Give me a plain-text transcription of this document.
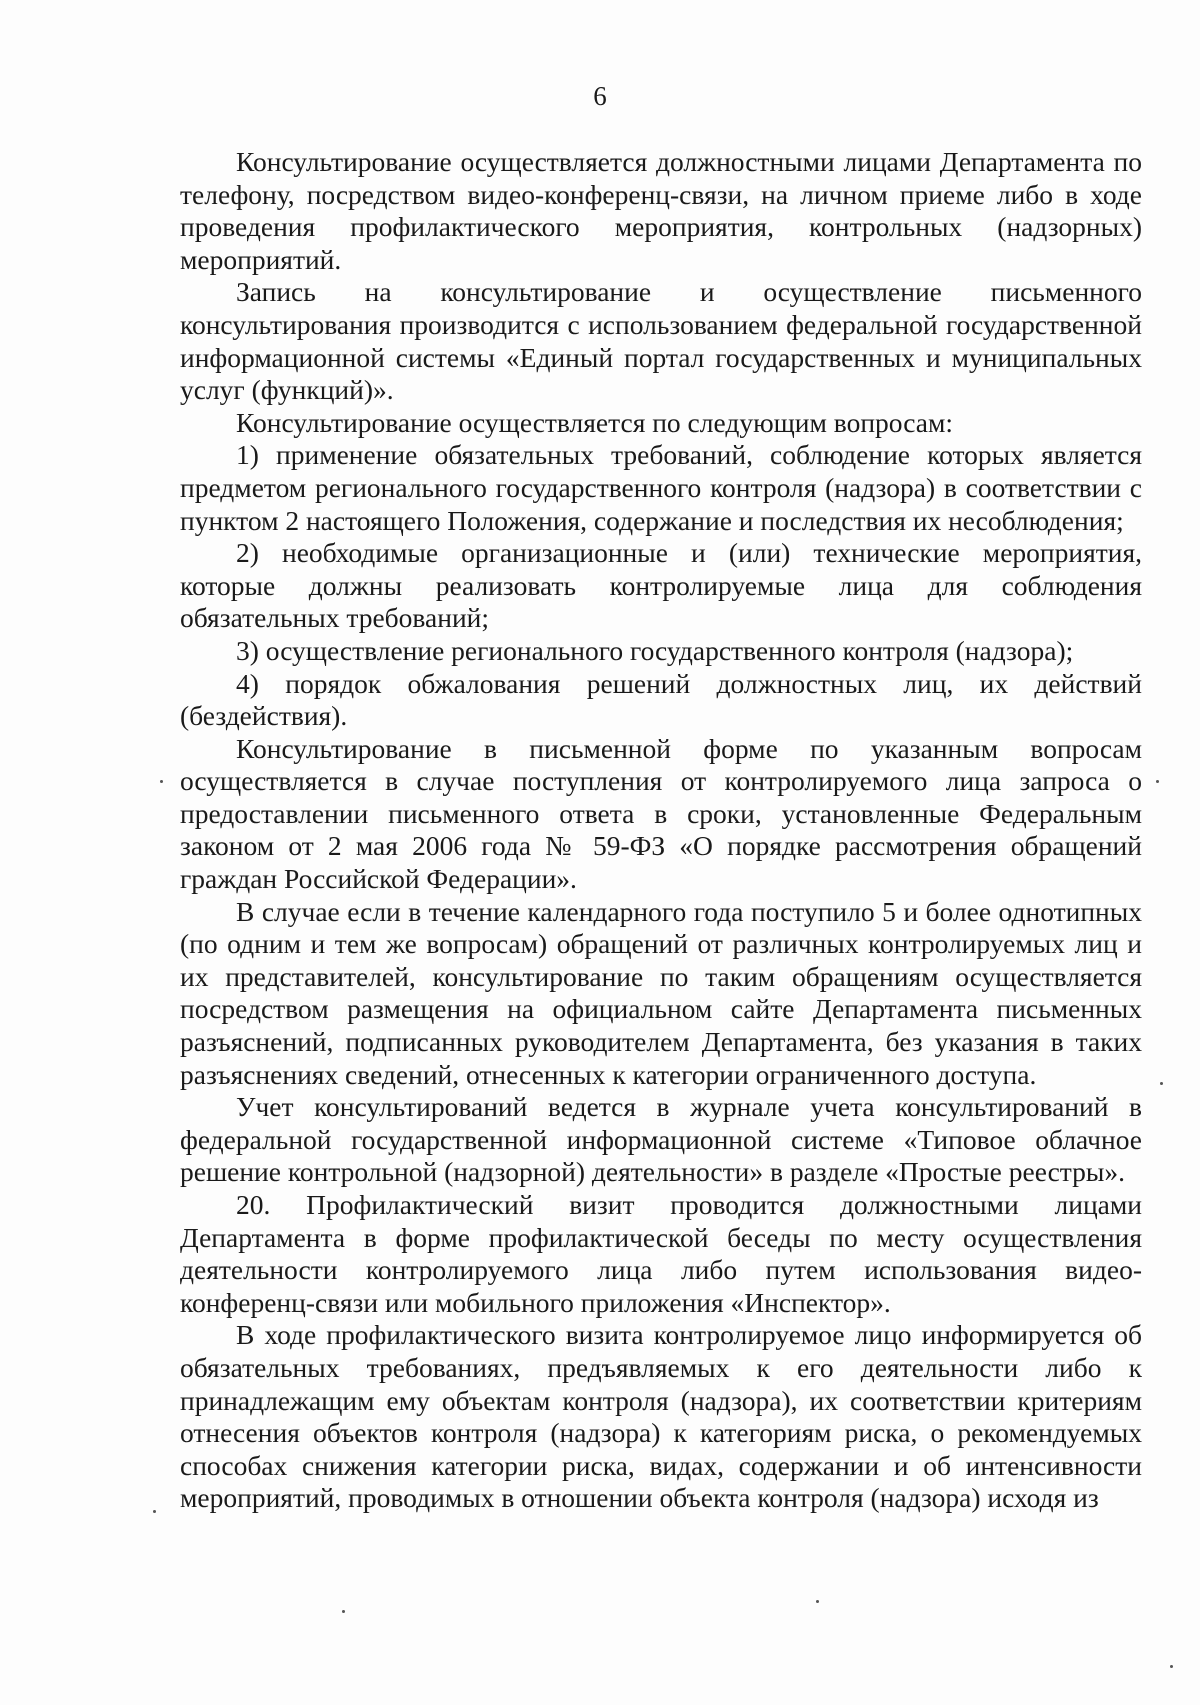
6

Консультирование осуществляется должностными лицами Департамента по телефону, посредством видео-конференц-связи, на личном приеме либо в ходе проведения профилактического мероприятия, контрольных (надзорных) мероприятий.

Запись на консультирование и осуществление письменного консультирования производится с использованием федеральной государственной информационной системы «Единый портал государственных и муниципальных услуг (функций)».

Консультирование осуществляется по следующим вопросам:

1) применение обязательных требований, соблюдение которых является предметом регионального государственного контроля (надзора) в соответствии с пунктом 2 настоящего Положения, содержание и последствия их несоблюдения;

2) необходимые организационные и (или) технические мероприятия, которые должны реализовать контролируемые лица для соблюдения обязательных требований;

3) осуществление регионального государственного контроля (надзора);

4) порядок обжалования решений должностных лиц, их действий (бездействия).

Консультирование в письменной форме по указанным вопросам осуществляется в случае поступления от контролируемого лица запроса о предоставлении письменного ответа в сроки, установленные Федеральным законом от 2 мая 2006 года № 59-ФЗ «О порядке рассмотрения обращений граждан Российской Федерации».

В случае если в течение календарного года поступило 5 и более однотипных (по одним и тем же вопросам) обращений от различных контролируемых лиц и их представителей, консультирование по таким обращениям осуществляется посредством размещения на официальном сайте Департамента письменных разъяснений, подписанных руководителем Департамента, без указания в таких разъяснениях сведений, отнесенных к категории ограниченного доступа.

Учет консультирований ведется в журнале учета консультирований в федеральной государственной информационной системе «Типовое облачное решение контрольной (надзорной) деятельности» в разделе «Простые реестры».

20. Профилактический визит проводится должностными лицами Департамента в форме профилактической беседы по месту осуществления деятельности контролируемого лица либо путем использования видео-конференц-связи или мобильного приложения «Инспектор».

В ходе профилактического визита контролируемое лицо информируется об обязательных требованиях, предъявляемых к его деятельности либо к принадлежащим ему объектам контроля (надзора), их соответствии критериям отнесения объектов контроля (надзора) к категориям риска, о рекомендуемых способах снижения категории риска, видах, содержании и об интенсивности мероприятий, проводимых в отношении объекта контроля (надзора) исходя из
